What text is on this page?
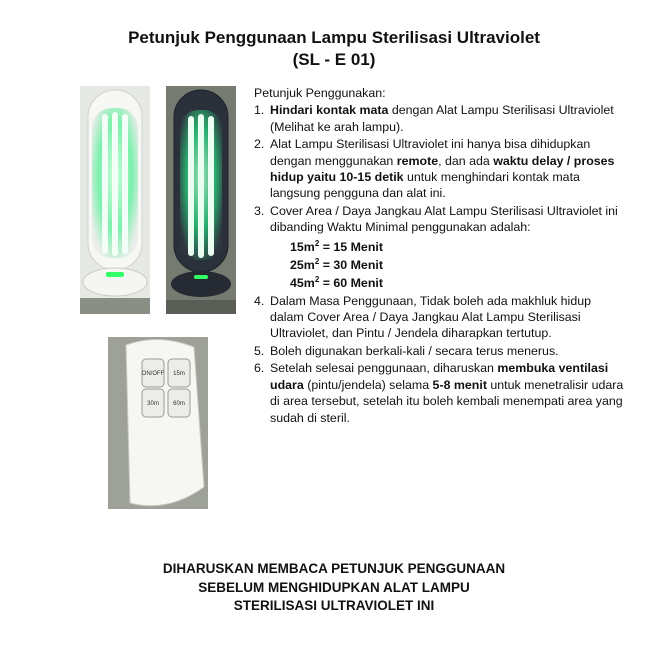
Petunjuk Penggunaan Lampu Sterilisasi Ultraviolet
(SL - E 01)
ON/OFF 15m
30m 60m
Petunjuk Penggunakan:
1. Hindari kontak mata dengan Alat Lampu Sterilisasi Ultraviolet (Melihat ke arah lampu).
2. Alat Lampu Sterilisasi Ultraviolet ini hanya bisa dihidupkan dengan menggunakan remote, dan ada waktu delay / proses hidup yaitu 10-15 detik untuk menghindari kontak mata langsung pengguna dan alat ini.
3. Cover Area / Daya Jangkau Alat Lampu Sterilisasi Ultraviolet ini dibanding Waktu Minimal penggunakan adalah:
$15m^2 = 15$ Menit
$25m^2 = 30$ Menit
$45m^2 = 60$ Menit
4. Dalam Masa Penggunaan, Tidak boleh ada makhluk hidup dalam Cover Area / Daya Jangkau Alat Lampu Sterilisasi Ultraviolet, dan Pintu / Jendela diharapkan tertutup.
5. Boleh digunakan berkali-kali / secara terus menerus.
6. Setelah selesai penggunaan, diharuskan membuka ventilasi udara (pintu/jendela) selama 5-8 menit untuk menetralisir udara di area tersebut, setelah itu boleh kembali menempati area yang sudah di steril.
DIHARUSKAN MEMBACA PETUNJUK PENGGUNAAN
SEBELUM MENGHIDUPKAN ALAT LAMPU
STERILISASI ULTRAVIOLET INI
